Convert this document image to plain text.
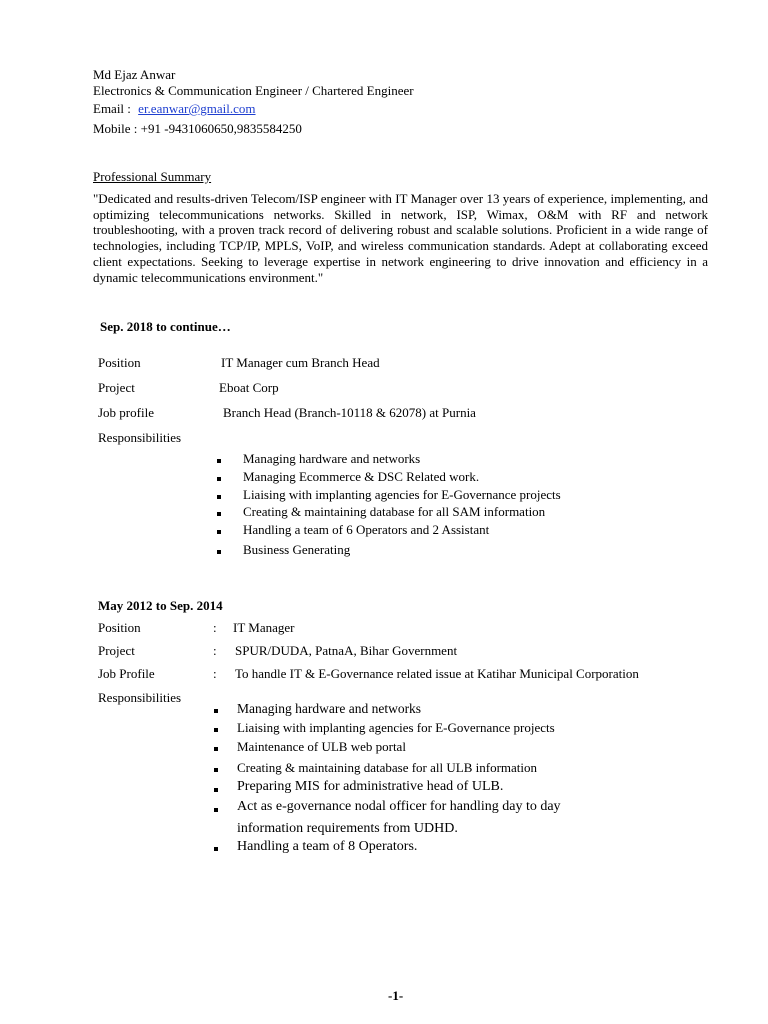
Md Ejaz Anwar
Electronics & Communication Engineer / Chartered Engineer
Email : er.eanwar@gmail.com
Mobile : +91 -9431060650,9835584250
Professional Summary
"Dedicated and results-driven Telecom/ISP engineer with IT Manager over 13 years of experience, implementing, and optimizing telecommunications networks. Skilled in network, ISP, Wimax, O&M with RF and network troubleshooting, with a proven track record of delivering robust and scalable solutions. Proficient in a wide range of technologies, including TCP/IP, MPLS, VoIP, and wireless communication standards. Adept at collaborating exceed client expectations. Seeking to leverage expertise in network engineering to drive innovation and efficiency in a dynamic telecommunications environment."
Sep. 2018 to continue…
Position	IT Manager cum Branch Head
Project	Eboat Corp
Job profile	Branch Head (Branch-10118 & 62078) at Purnia
Responsibilities
Managing hardware and networks
Managing Ecommerce & DSC Related work.
Liaising with implanting agencies for E-Governance projects
Creating & maintaining database for all SAM information
Handling a team of 6 Operators and 2 Assistant
Business Generating
May 2012 to Sep. 2014
Position	: IT Manager
Project	: SPUR/DUDA, PatnaA, Bihar Government
Job Profile	: To handle IT & E-Governance related issue at Katihar Municipal Corporation
Responsibilities
Managing hardware and networks
Liaising with implanting agencies for E-Governance projects
Maintenance of ULB web portal
Creating & maintaining database for all ULB information
Preparing MIS for administrative head of ULB.
Act as e-governance nodal officer for handling day to day
information requirements from UDHD.
Handling a team of 8 Operators.
-1-
